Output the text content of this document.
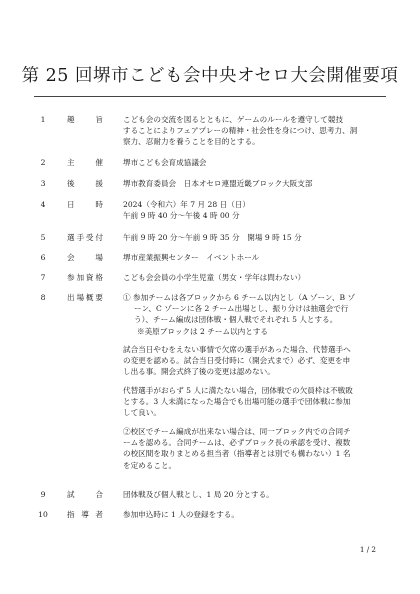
第 25 回堺市こども会中央オセロ大会開催要項
1	趣　　旨	こども会の交流を図るとともに、ゲームのルールを遵守して競技
することによりフェアプレーの精神・社会性を身につけ、思考力、洞
察力、忍耐力を養うことを目的とする。
2	主　　催	堺市こども会育成協議会
3	後　　援	堺市教育委員会　日本オセロ連盟近畿ブロック大阪支部
4	日　　時	2024（令和六）年 7 月 28 日（日）
午前 9 時 40 分～午後 4 時 00 分
5	選手受付	午前 9 時 20 分～午前 9 時 35 分　開場 9 時 15 分
6	会　　場	堺市産業振興センター　イベントホール
7	参加資格	こども会会員の小学生児童（男女・学年は問わない）
8	出場概要	① 参加チームは各ブロックから 6 チーム以内とし（A ゾーン、B ゾ
ーン、C ゾーンに各 2 チーム出場とし、振り分けは抽選会で行
う）、チーム編成は団体戦・個人戦でそれぞれ 5 人とする。
※美原ブロックは 2 チーム以内とする
試合当日やむをえない事情で欠席の選手があった場合、代替選手へ
の変更を認める。試合当日受付時に（開会式まで）必ず、変更を申
し出る事。開会式終了後の変更は認めない。
代替選手がおらず 5 人に満たない場合，団体戦での欠員枠は不戦敗
とする。3 人未満になった場合でも出場可能の選手で団体戦に参加
して良い。
②校区でチーム編成が出来ない場合は、同一ブロック内での合同チ
ームを認める。合同チームは、必ずブロック長の承認を受け、複数
の校区間を取りまとめる担当者（指導者とは別でも構わない）1 名
を定めること。
9	試　　合	団体戦及び個人戦とし、1 局 20 分とする。
10	指 導 者	参加申込時に 1 人の登録をする。
1 / 2
